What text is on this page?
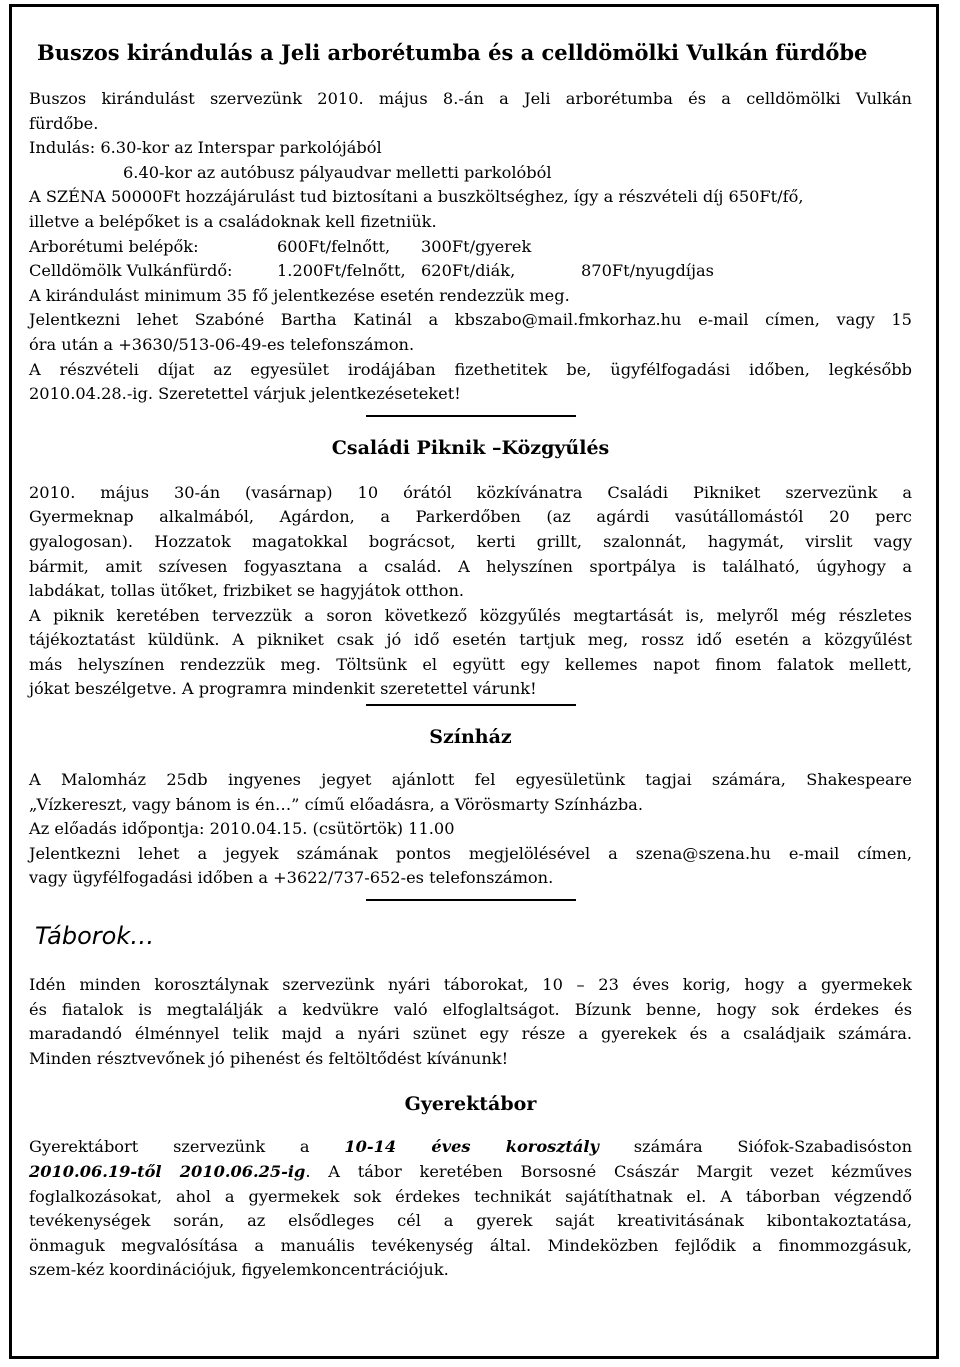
Buszos kirándulás a Jeli arborétumba és a celldömölki Vulkán fürdőbe

Buszos kirándulást szervezünk 2010. május 8.-án a Jeli arborétumba és a celldömölki Vulkán

fürdőbe.

Indulás: 6.30-kor az Interspar parkolójából

6.40-kor az autóbusz pályaudvar melletti parkolóból

A SZÉNA 50000Ft hozzájárulást tud biztosítani a buszköltséghez, így a részvételi díj 650Ft/fő,

illetve a belépőket is a családoknak kell fizetniük.

Arborétumi belépők:	600Ft/felnőtt, 300Ft/gyerek

Celldömölk Vulkánfürdő:	1.200Ft/felnőtt, 620Ft/diák,	870Ft/nyugdíjas

A kirándulást minimum 35 fő jelentkezése esetén rendezzük meg.

Jelentkezni lehet Szabóné Bartha Katinál a kbszabo@mail.fmkorhaz.hu e-mail címen, vagy 15

óra után a +3630/513-06-49-es telefonszámon.

A részvételi díjat az egyesület irodájában fizethetitek be, ügyfélfogadási időben, legkésőbb

2010.04.28.-ig. Szeretettel várjuk jelentkezéseteket!

Családi Piknik –Közgyűlés

2010. május 30-án (vasárnap) 10 órától közkívánatra Családi Pikniket szervezünk a

Gyermeknap alkalmából, Agárdon, a Parkerdőben (az agárdi vasútállomástól 20 perc

gyalogosan). Hozzatok magatokkal bográcsot, kerti grillt, szalonnát, hagymát, virslit vagy

bármit, amit szívesen fogyasztana a család. A helyszínen sportpálya is található, úgyhogy a

labdákat, tollas ütőket, frizbiket se hagyjátok otthon.

A piknik keretében tervezzük a soron következő közgyűlés megtartását is, melyről még részletes

tájékoztatást küldünk. A pikniket csak jó idő esetén tartjuk meg, rossz idő esetén a közgyűlést

más helyszínen rendezzük meg. Töltsünk el együtt egy kellemes napot finom falatok mellett,

jókat beszélgetve. A programra mindenkit szeretettel várunk!

Színház

A Malomház 25db ingyenes jegyet ajánlott fel egyesületünk tagjai számára, Shakespeare

„Vízkereszt, vagy bánom is én…” című előadásra, a Vörösmarty Színházba.

Az előadás időpontja: 2010.04.15. (csütörtök) 11.00

Jelentkezni lehet a jegyek számának pontos megjelölésével a szena@szena.hu e-mail címen,

vagy ügyfélfogadási időben a +3622/737-652-es telefonszámon.

Táborok…

Idén minden korosztálynak szervezünk nyári táborokat, 10 – 23 éves korig, hogy a gyermekek

és fiatalok is megtalálják a kedvükre való elfoglaltságot. Bízunk benne, hogy sok érdekes és

maradandó élménnyel telik majd a nyári szünet egy része a gyerekek és a családjaik számára.

Minden résztvevőnek jó pihenést és feltöltődést kívánunk!

Gyerektábor

Gyerektábort szervezünk a 10-14 éves korosztály számára Siófok-Szabadisóston

2010.06.19-től 2010.06.25-ig. A tábor keretében Borsosné Császár Margit vezet kézműves

foglalkozásokat, ahol a gyermekek sok érdekes technikát sajátíthatnak el. A táborban végzendő

tevékenységek során, az elsődleges cél a gyerek saját kreativitásának kibontakoztatása,

önmaguk megvalósítása a manuális tevékenység által. Mindeközben fejlődik a finommozgásuk,

szem-kéz koordinációjuk, figyelemkoncentrációjuk.
